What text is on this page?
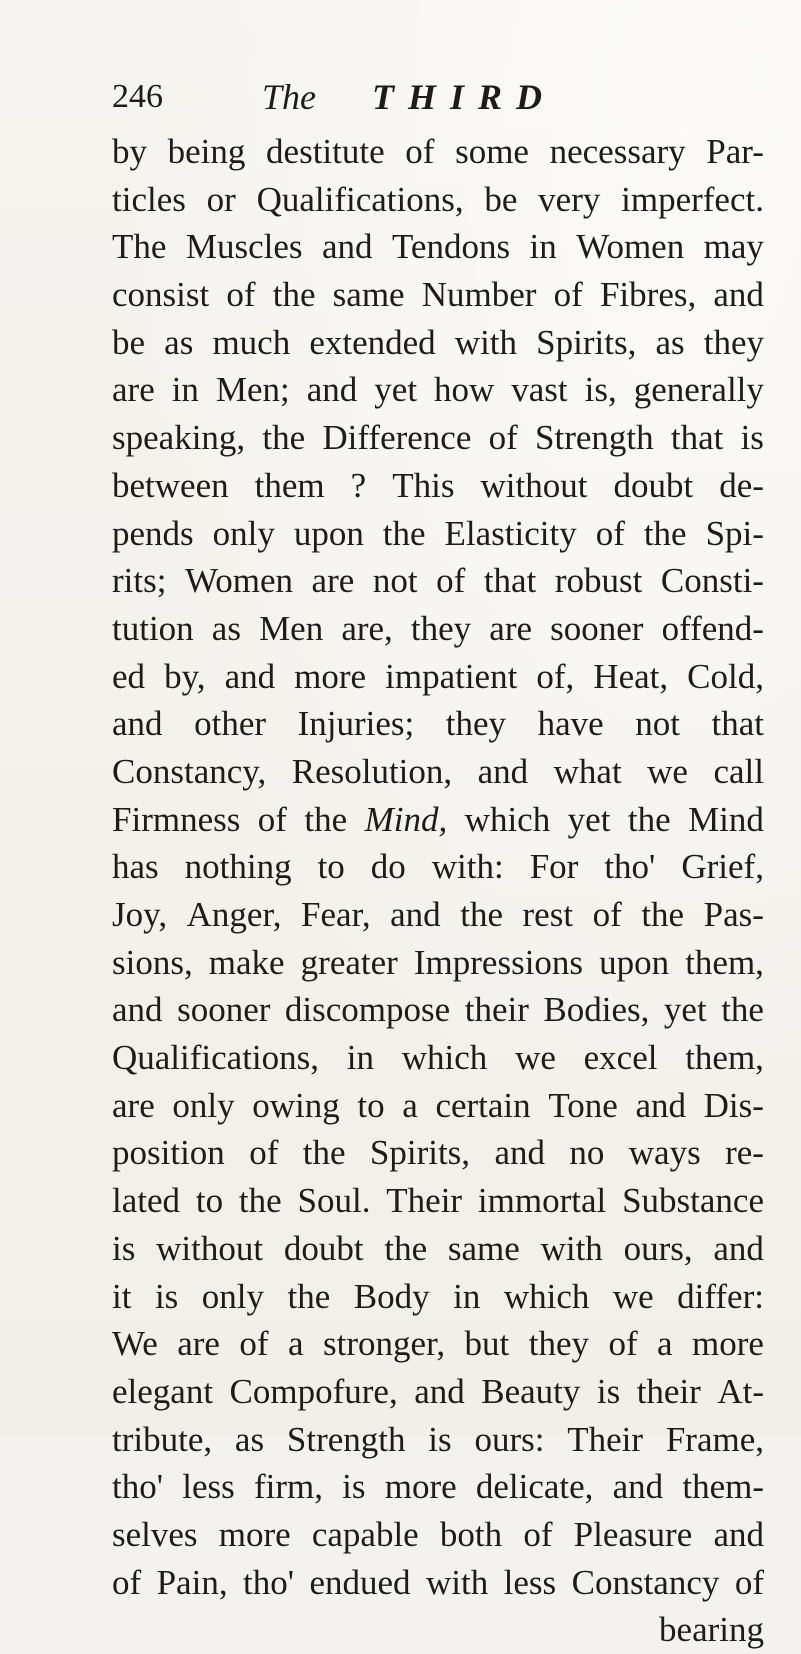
246	The THIRD
by being destitute of some necessary Par-
ticles or Qualifications, be very imperfect.
The Muscles and Tendons in Women may
consist of the same Number of Fibres, and
be as much extended with Spirits, as they
are in Men; and yet how vast is, generally
speaking, the Difference of Strength that is
between them ? This without doubt de-
pends only upon the Elasticity of the Spi-
rits; Women are not of that robust Consti-
tution as Men are, they are sooner offend-
ed by, and more impatient of, Heat, Cold,
and other Injuries; they have not that
Constancy, Resolution, and what we call
Firmness of the Mind, which yet the Mind
has nothing to do with: For tho' Grief,
Joy, Anger, Fear, and the rest of the Pas-
sions, make greater Impressions upon them,
and sooner discompose their Bodies, yet the
Qualifications, in which we excel them,
are only owing to a certain Tone and Dis-
position of the Spirits, and no ways re-
lated to the Soul. Their immortal Substance
is without doubt the same with ours, and
it is only the Body in which we differ:
We are of a stronger, but they of a more
elegant Compofure, and Beauty is their At-
tribute, as Strength is ours: Their Frame,
tho' less firm, is more delicate, and them-
selves more capable both of Pleasure and
of Pain, tho' endued with less Constancy of
bearing
